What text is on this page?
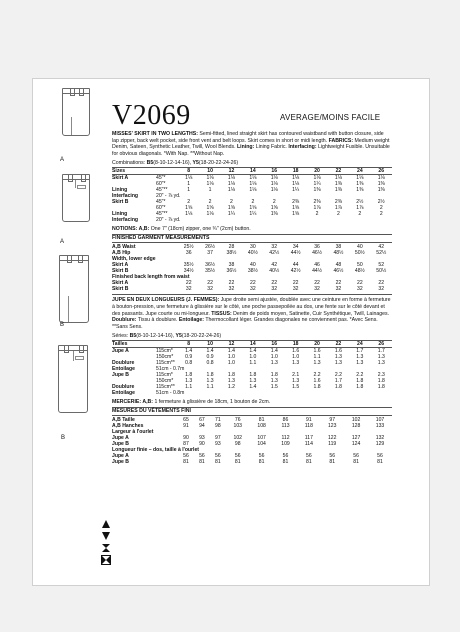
A
A
B
B
V2069	AVERAGE/MOINS FACILE

MISSES' SKIRT IN TWO LENGTHS: Semi-fitted, lined straight skirt has contoured waistband with button closure, side lap zipper, back welt pocket, side front vent and belt loops. Skirt comes in short or midi length. FABRICS: Medium weight Denim, Sateen, Synthetic Leather, Twill, Wool Blends. Lining: Lining Fabric. Interfacing: Lightweight Fusible. Unsuitable for obvious diagonals. *With Nap. **Without Nap.

Combinations: B5(8-10-12-14-16), Y5(18-20-22-24-26)
Sizes		8	10	12	14	16	18	20	22	24	26
Skirt A	45"*	1⅛	1⅛	1⅛	1⅛	1⅛	1⅛	1⅛	1⅛	1⅛	1⅛
	60"*	1	1⅛	1⅛	1⅛	1⅛	1⅛	1¼	1⅜	1⅜	1⅜
Lining	45"**	1	1	1⅛	1⅛	1⅛	1¼	1⅜	1⅜	1⅜	1⅜
Interfacing	20" - ⅞ yd.										
Skirt B	45"*	2	2	2	2	2	2⅜	2⅜	2⅜	2½	2½
	60"*	1⅝	1⅝	1⅝	1⅝	1⅝	1⅝	1⅞	1⅞	1⅞	2
Lining	45"**	1⅛	1⅛	1¼	1¼	1⅜	1⅝	2	2	2	2
Interfacing	20" - ⅞ yd.										
NOTIONS: A,B: One 7" (18cm) zipper, one ¾" (2cm) button.
FINISHED GARMENT MEASUREMENTS
A,B Waist		25½	26½	28	30	32	34	36	38	40	42
A,B Hip		36	37	38½	40½	42½	44½	46½	48½	50½	52½
Width, lower edge											
Skirt A		35½	36½	38	40	42	44	46	48	50	52
Skirt B		34½	35½	36½	38½	40½	42½	44½	46½	48½	50½
Finished back length from waist											
Skirt A		22	22	22	22	22	22	22	22	22	22
Skirt B		32	32	32	32	32	32	32	32	32	32

JUPE EN DEUX LONGUEURS (J. FEMMES): Jupe droite semi ajustée, doublée avec une ceinture en forme à fermeture à bouton-pression, une fermeture à glissière sur le côté, une poche passepoilée au dos, une fente sur le côté devant et des passants. Jupe courte ou mi-longueur. TISSUS: Denim de poids moyen, Satinette, Cuir Synthétique, Twill, Lainages. Doublure: Tissu à doublure. Entoilage: Thermocollant léger. Grandes diagonales ne conviennent pas. *Avec Sens. **Sans Sens.

Séries: B5(8-10-12-14-16), Y5(18-20-22-24-26)
Tailles		8	10	12	14	16	18	20	22	24	26
Jupe A	115cm*	1.4	1.4	1.4	1.4	1.4	1.6	1.6	1.6	1.7	1.7
	150cm*	0.9	0.9	1.0	1.0	1.0	1.0	1.1	1.3	1.3	1.3
Doublure	115cm**	0.8	0.8	1.0	1.1	1.3	1.3	1.3	1.3	1.3	1.3
Entoilage	51cm - 0.7m										
Jupe B	115cm*	1.8	1.8	1.8	1.8	1.8	2.1	2.2	2.2	2.2	2.3
	150cm*	1.3	1.3	1.3	1.3	1.3	1.3	1.6	1.7	1.8	1.8
Doublure	115cm**	1.1	1.1	1.2	1.4	1.5	1.5	1.8	1.8	1.8	1.8
Entoilage	51cm - 0.8m										
MERCERIE: A,B: 1 fermeture à glissière de 18cm, 1 bouton de 2cm.
MESURES DU VÊTEMENTS FINI
A,B Taille		65	67	71	76	81	86	91	97	102	107
A,B Hanches		91	94	98	103	108	113	118	123	128	133
Largeur à l'ourlet											
Jupe A		90	93	97	102	107	112	117	122	127	132
Jupe B		87	90	93	98	104	109	114	119	124	129
Longueur finie – dos, taille à l'ourlet											
Jupe A		56	56	56	56	56	56	56	56	56	56
Jupe B		81	81	81	81	81	81	81	81	81	81
